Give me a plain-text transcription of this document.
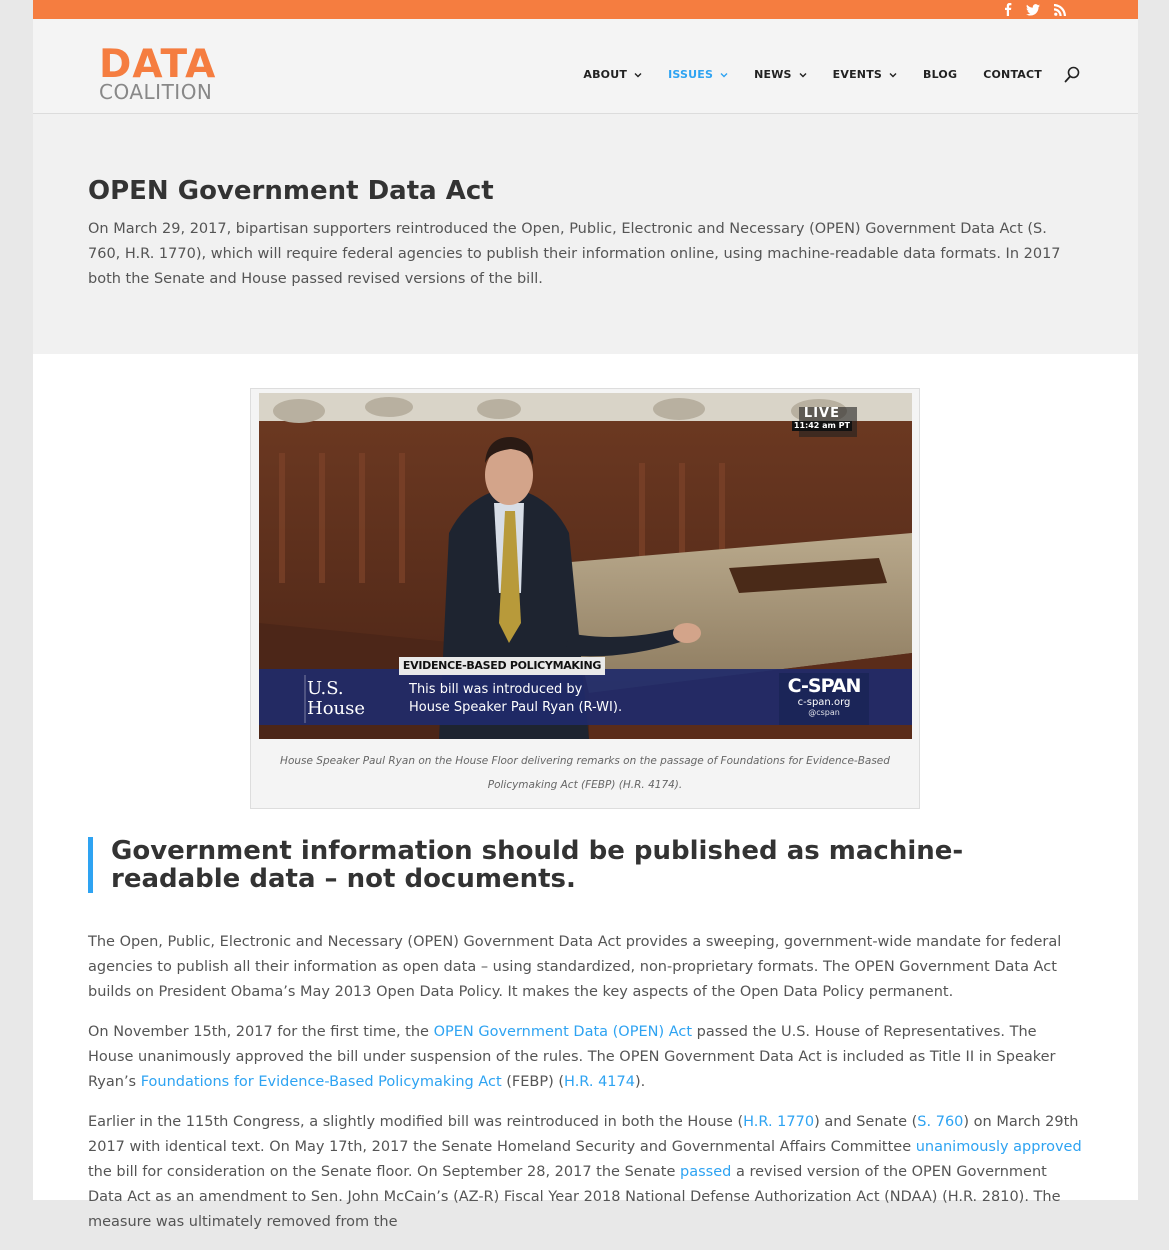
DATA
COALITION
ABOUT	ISSUES	NEWS	EVENTS	BLOG CONTACT
OPEN Government Data Act

On March 29, 2017, bipartisan supporters reintroduced the Open, Public, Electronic and Necessary (OPEN) Government Data Act (S. 760, H.R. 1770), which will require federal agencies to publish their information online, using machine-readable data formats. In 2017 both the Senate and House passed revised versions of the bill.

LIVE
11:42 am PT
EVIDENCE-BASED POLICYMAKING
U.S.
House
This bill was introduced by
House Speaker Paul Ryan (R-WI).
C-SPAN
c-span.org
@cspan
House Speaker Paul Ryan on the House Floor delivering remarks on the passage of Foundations for Evidence-Based Policymaking Act (FEBP) (H.R. 4174).
Government information should be published as machine-readable data – not documents.

The Open, Public, Electronic and Necessary (OPEN) Government Data Act provides a sweeping, government-wide mandate for federal agencies to publish all their information as open data – using standardized, non-proprietary formats. The OPEN Government Data Act builds on President Obama’s May 2013 Open Data Policy. It makes the key aspects of the Open Data Policy permanent.

On November 15th, 2017 for the first time, the OPEN Government Data (OPEN) Act passed the U.S. House of Representatives. The House unanimously approved the bill under suspension of the rules. The OPEN Government Data Act is included as Title II in Speaker Ryan’s Foundations for Evidence-Based Policymaking Act (FEBP) (H.R. 4174).

Earlier in the 115th Congress, a slightly modified bill was reintroduced in both the House (H.R. 1770) and Senate (S. 760) on March 29th 2017 with identical text. On May 17th, 2017 the Senate Homeland Security and Governmental Affairs Committee unanimously approved the bill for consideration on the Senate floor. On September 28, 2017 the Senate passed a revised version of the OPEN Government Data Act as an amendment to Sen. John McCain’s (AZ-R) Fiscal Year 2018 National Defense Authorization Act (NDAA) (H.R. 2810). The measure was ultimately removed from the
